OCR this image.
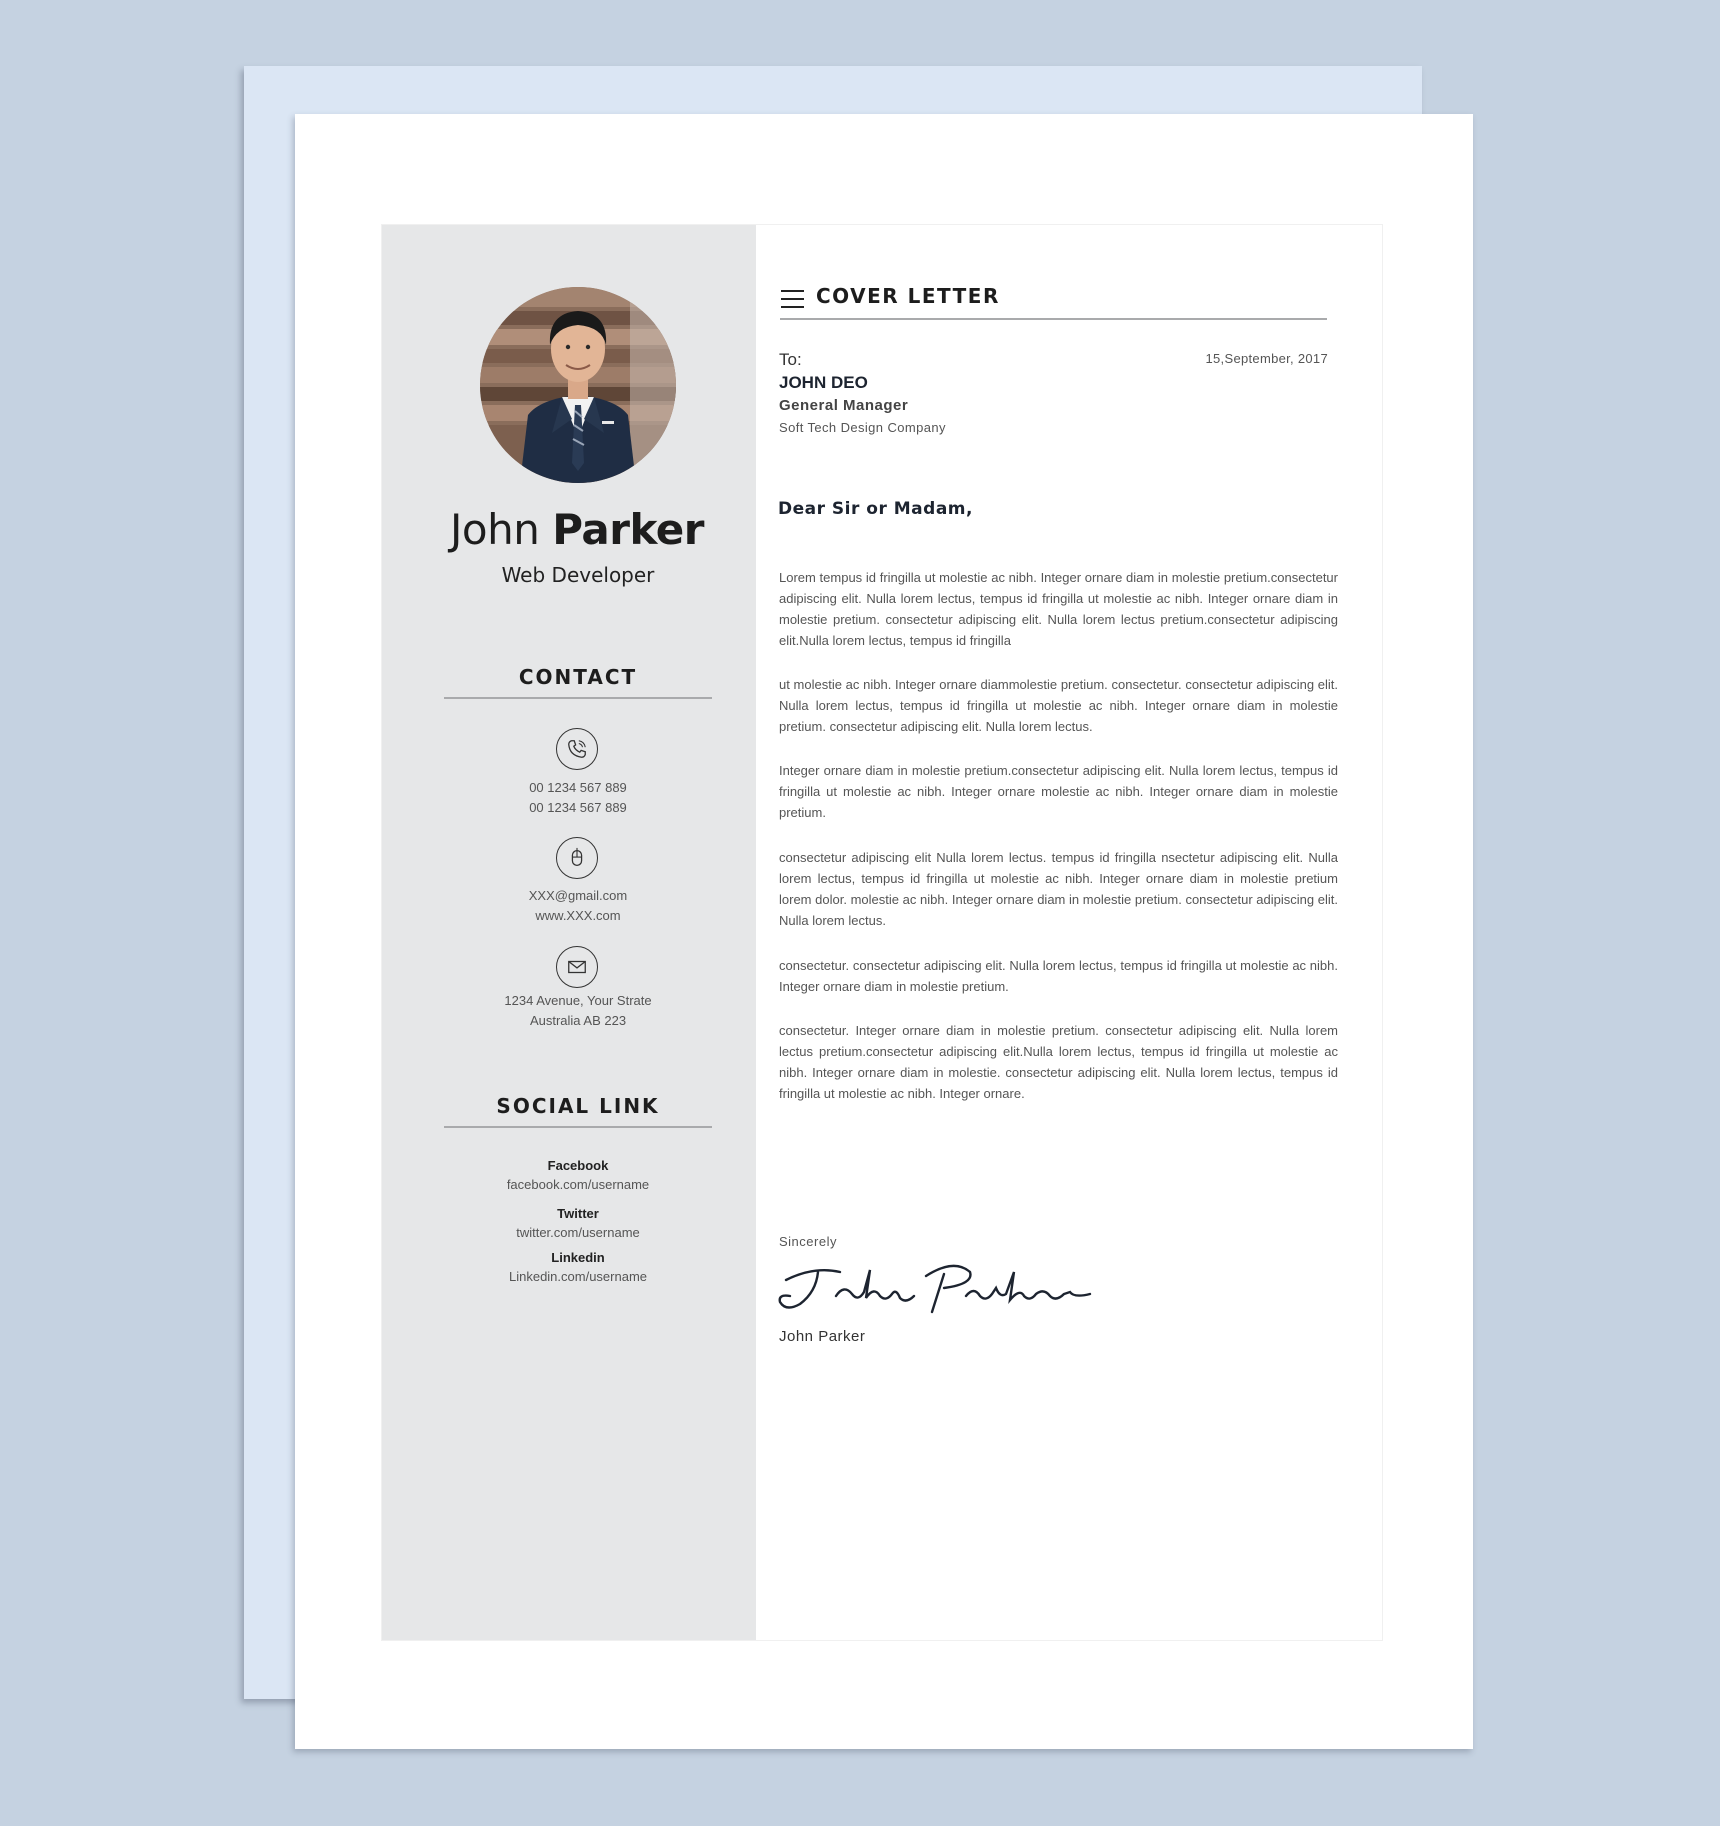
John Parker
Web Developer
CONTACT
00 1234 567 889
00 1234 567 889
XXX@gmail.com
www.XXX.com
1234 Avenue, Your Strate
Australia AB 223
SOCIAL LINK
Facebook
facebook.com/username
Twitter
twitter.com/username
Linkedin
Linkedin.com/username
COVER LETTER
To:	15,September, 2017
JOHN DEO
General Manager
Soft Tech Design Company
Dear Sir or Madam,
Lorem tempus id fringilla ut molestie ac nibh. Integer ornare diam in molestie pretium.consectetur adipiscing elit. Nulla lorem lectus, tempus id fringilla ut molestie ac nibh. Integer ornare diam in molestie pretium. consectetur adipiscing elit. Nulla lorem lectus pretium.consectetur adipiscing elit.Nulla lorem lectus, tempus id fringilla
ut molestie ac nibh. Integer ornare diammolestie pretium. consectetur. consectetur adipiscing elit. Nulla lorem lectus, tempus id fringilla ut molestie ac nibh. Integer ornare diam in molestie pretium. consectetur adipiscing elit. Nulla lorem lectus.
Integer ornare diam in molestie pretium.consectetur adipiscing elit. Nulla lorem lectus, tempus id fringilla ut molestie ac nibh. Integer ornare molestie ac nibh. Integer ornare diam in molestie pretium.
consectetur adipiscing elit Nulla lorem lectus. tempus id fringilla nsectetur adipiscing elit. Nulla lorem lectus, tempus id fringilla ut molestie ac nibh. Integer ornare diam in molestie pretium lorem dolor. molestie ac nibh. Integer ornare diam in molestie pretium. consectetur adipiscing elit. Nulla lorem lectus.
consectetur. consectetur adipiscing elit. Nulla lorem lectus, tempus id fringilla ut molestie ac nibh. Integer ornare diam in molestie pretium.
consectetur. Integer ornare diam in molestie pretium. consectetur adipiscing elit. Nulla lorem lectus pretium.consectetur adipiscing elit.Nulla lorem lectus, tempus id fringilla ut molestie ac nibh. Integer ornare diam in molestie. consectetur adipiscing elit. Nulla lorem lectus, tempus id fringilla ut molestie ac nibh. Integer ornare.
Sincerely
John Parker
